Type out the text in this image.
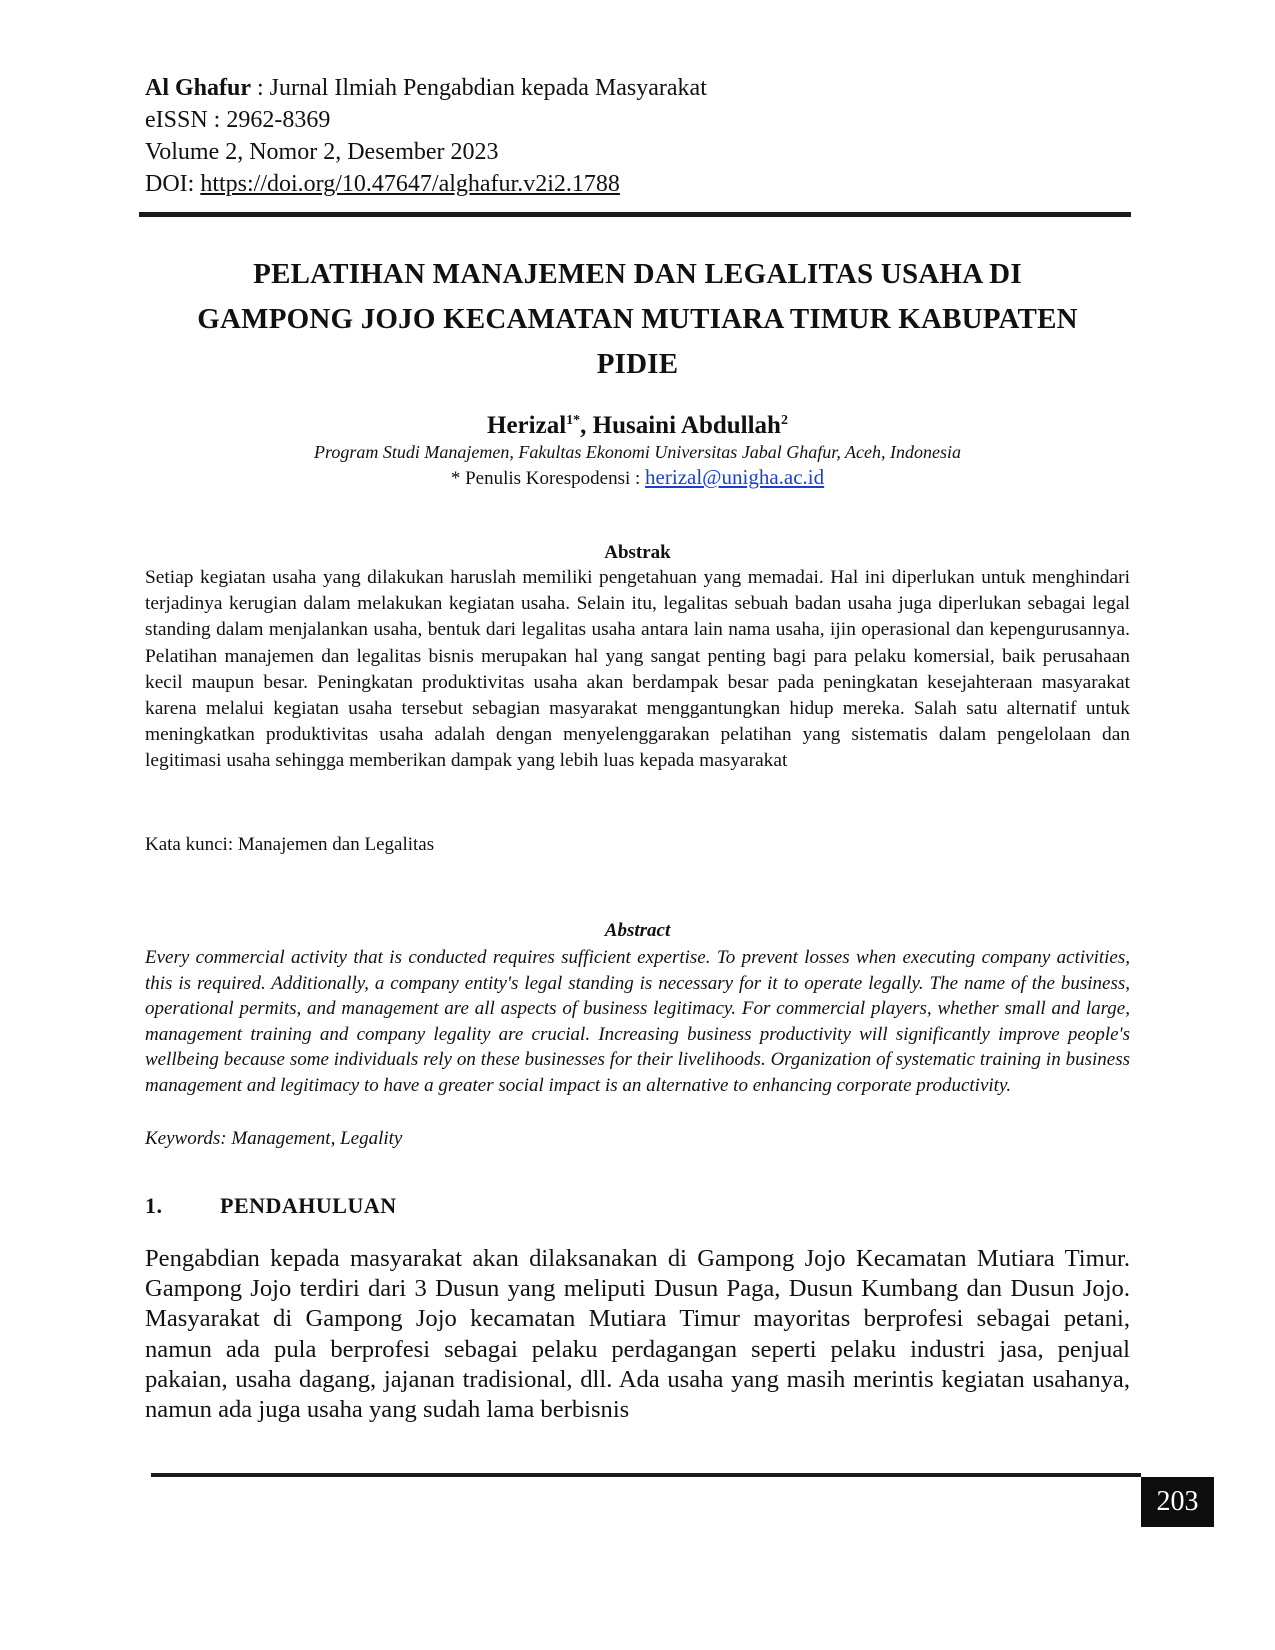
Al Ghafur : Jurnal Ilmiah Pengabdian kepada Masyarakat
eISSN : 2962-8369
Volume 2, Nomor 2, Desember 2023
DOI: https://doi.org/10.47647/alghafur.v2i2.1788
PELATIHAN MANAJEMEN DAN LEGALITAS USAHA DI
GAMPONG JOJO KECAMATAN MUTIARA TIMUR KABUPATEN
PIDIE
Herizal$^{1*}$, Husaini Abdullah$^2$
Program Studi Manajemen, Fakultas Ekonomi Universitas Jabal Ghafur, Aceh, Indonesia
* Penulis Korespodensi : herizal@unigha.ac.id
Abstrak
Setiap kegiatan usaha yang dilakukan haruslah memiliki pengetahuan yang memadai. Hal ini diperlukan untuk menghindari terjadinya kerugian dalam melakukan kegiatan usaha. Selain itu, legalitas sebuah badan usaha juga diperlukan sebagai legal standing dalam menjalankan usaha, bentuk dari legalitas usaha antara lain nama usaha, ijin operasional dan kepengurusannya. Pelatihan manajemen dan legalitas bisnis merupakan hal yang sangat penting bagi para pelaku komersial, baik perusahaan kecil maupun besar. Peningkatan produktivitas usaha akan berdampak besar pada peningkatan kesejahteraan masyarakat karena melalui kegiatan usaha tersebut sebagian masyarakat menggantungkan hidup mereka. Salah satu alternatif untuk meningkatkan produktivitas usaha adalah dengan menyelenggarakan pelatihan yang sistematis dalam pengelolaan dan legitimasi usaha sehingga memberikan dampak yang lebih luas kepada masyarakat
Kata kunci: Manajemen dan Legalitas
Abstract
Every commercial activity that is conducted requires sufficient expertise. To prevent losses when executing company activities, this is required. Additionally, a company entity's legal standing is necessary for it to operate legally. The name of the business, operational permits, and management are all aspects of business legitimacy. For commercial players, whether small and large, management training and company legality are crucial. Increasing business productivity will significantly improve people's wellbeing because some individuals rely on these businesses for their livelihoods. Organization of systematic training in business management and legitimacy to have a greater social impact is an alternative to enhancing corporate productivity.
Keywords: Management, Legality
1.	PENDAHULUAN
Pengabdian kepada masyarakat akan dilaksanakan di Gampong Jojo Kecamatan Mutiara Timur. Gampong Jojo terdiri dari 3 Dusun yang meliputi Dusun Paga, Dusun Kumbang dan Dusun Jojo. Masyarakat di Gampong Jojo kecamatan Mutiara Timur mayoritas berprofesi sebagai petani, namun ada pula berprofesi sebagai pelaku perdagangan seperti pelaku industri jasa, penjual pakaian, usaha dagang, jajanan tradisional, dll. Ada usaha yang masih merintis kegiatan usahanya, namun ada juga usaha yang sudah lama berbisnis
203
